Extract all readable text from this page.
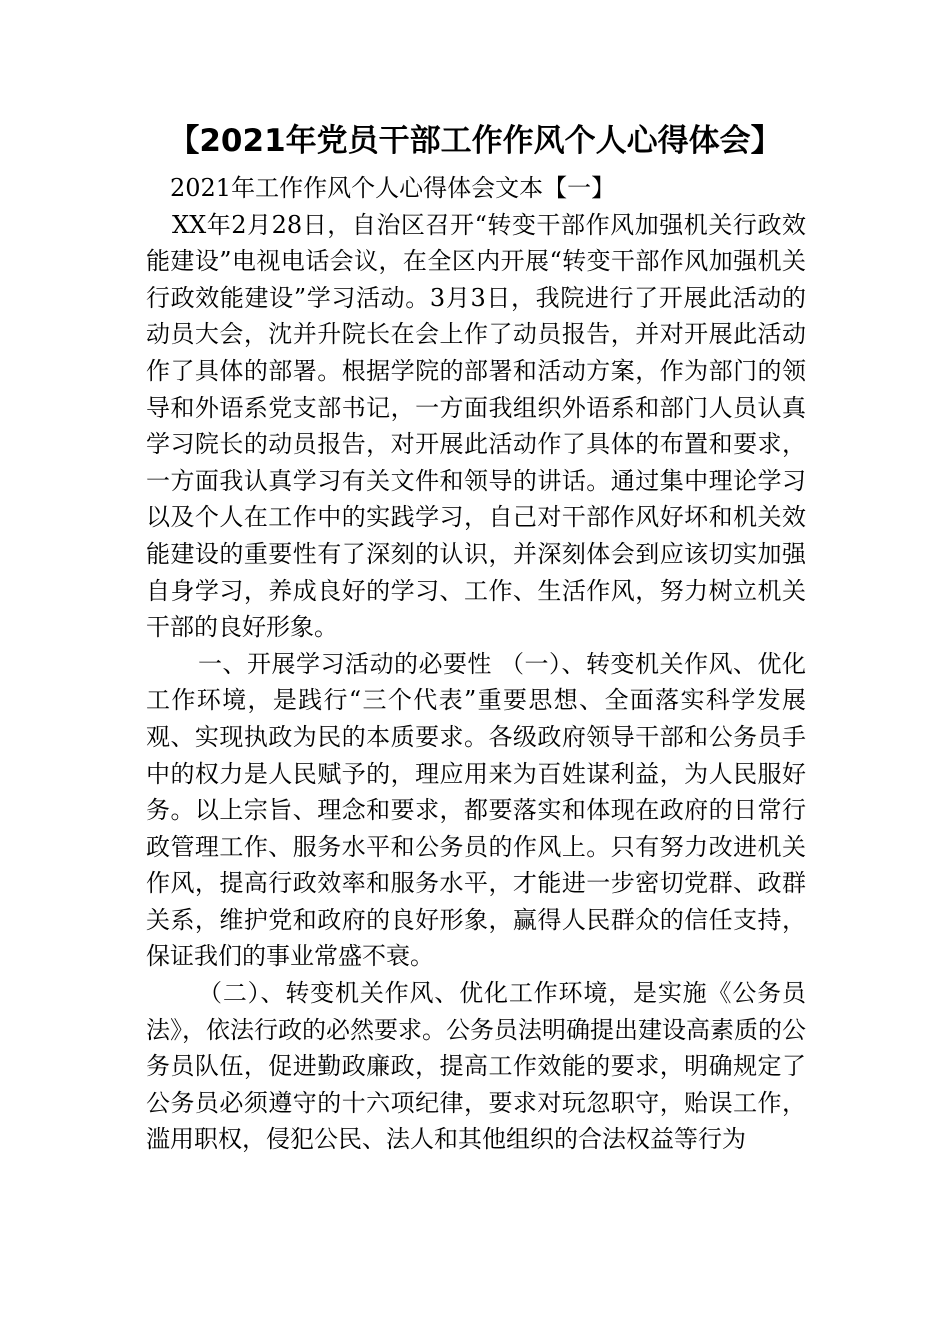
【2021年党员干部工作作风个人心得体会】

2021年工作作风个人心得体会文本【一】

XX年2月28日，自治区召开“转变干部作风加强机关行政效能建设”电视电话会议，在全区内开展“转变干部作风加强机关行政效能建设”学习活动。3月3日，我院进行了开展此活动的动员大会，沈并升院长在会上作了动员报告，并对开展此活动作了具体的部署。根据学院的部署和活动方案，作为部门的领导和外语系党支部书记，一方面我组织外语系和部门人员认真学习院长的动员报告，对开展此活动作了具体的布置和要求，一方面我认真学习有关文件和领导的讲话。通过集中理论学习以及个人在工作中的实践学习，自己对干部作风好坏和机关效能建设的重要性有了深刻的认识，并深刻体会到应该切实加强自身学习，养成良好的学习、工作、生活作风，努力树立机关干部的良好形象。

一、开展学习活动的必要性 （一）、转变机关作风、优化工作环境，是践行“三个代表”重要思想、全面落实科学发展观、实现执政为民的本质要求。各级政府领导干部和公务员手中的权力是人民赋予的，理应用来为百姓谋利益，为人民服好务。以上宗旨、理念和要求，都要落实和体现在政府的日常行政管理工作、服务水平和公务员的作风上。只有努力改进机关作风，提高行政效率和服务水平，才能进一步密切党群、政群关系，维护党和政府的良好形象，赢得人民群众的信任支持，保证我们的事业常盛不衰。

（二）、转变机关作风、优化工作环境，是实施《公务员法》，依法行政的必然要求。公务员法明确提出建设高素质的公务员队伍，促进勤政廉政，提高工作效能的要求，明确规定了公务员必须遵守的十六项纪律，要求对玩忽职守，贻误工作，滥用职权，侵犯公民、法人和其他组织的合法权益等行为
